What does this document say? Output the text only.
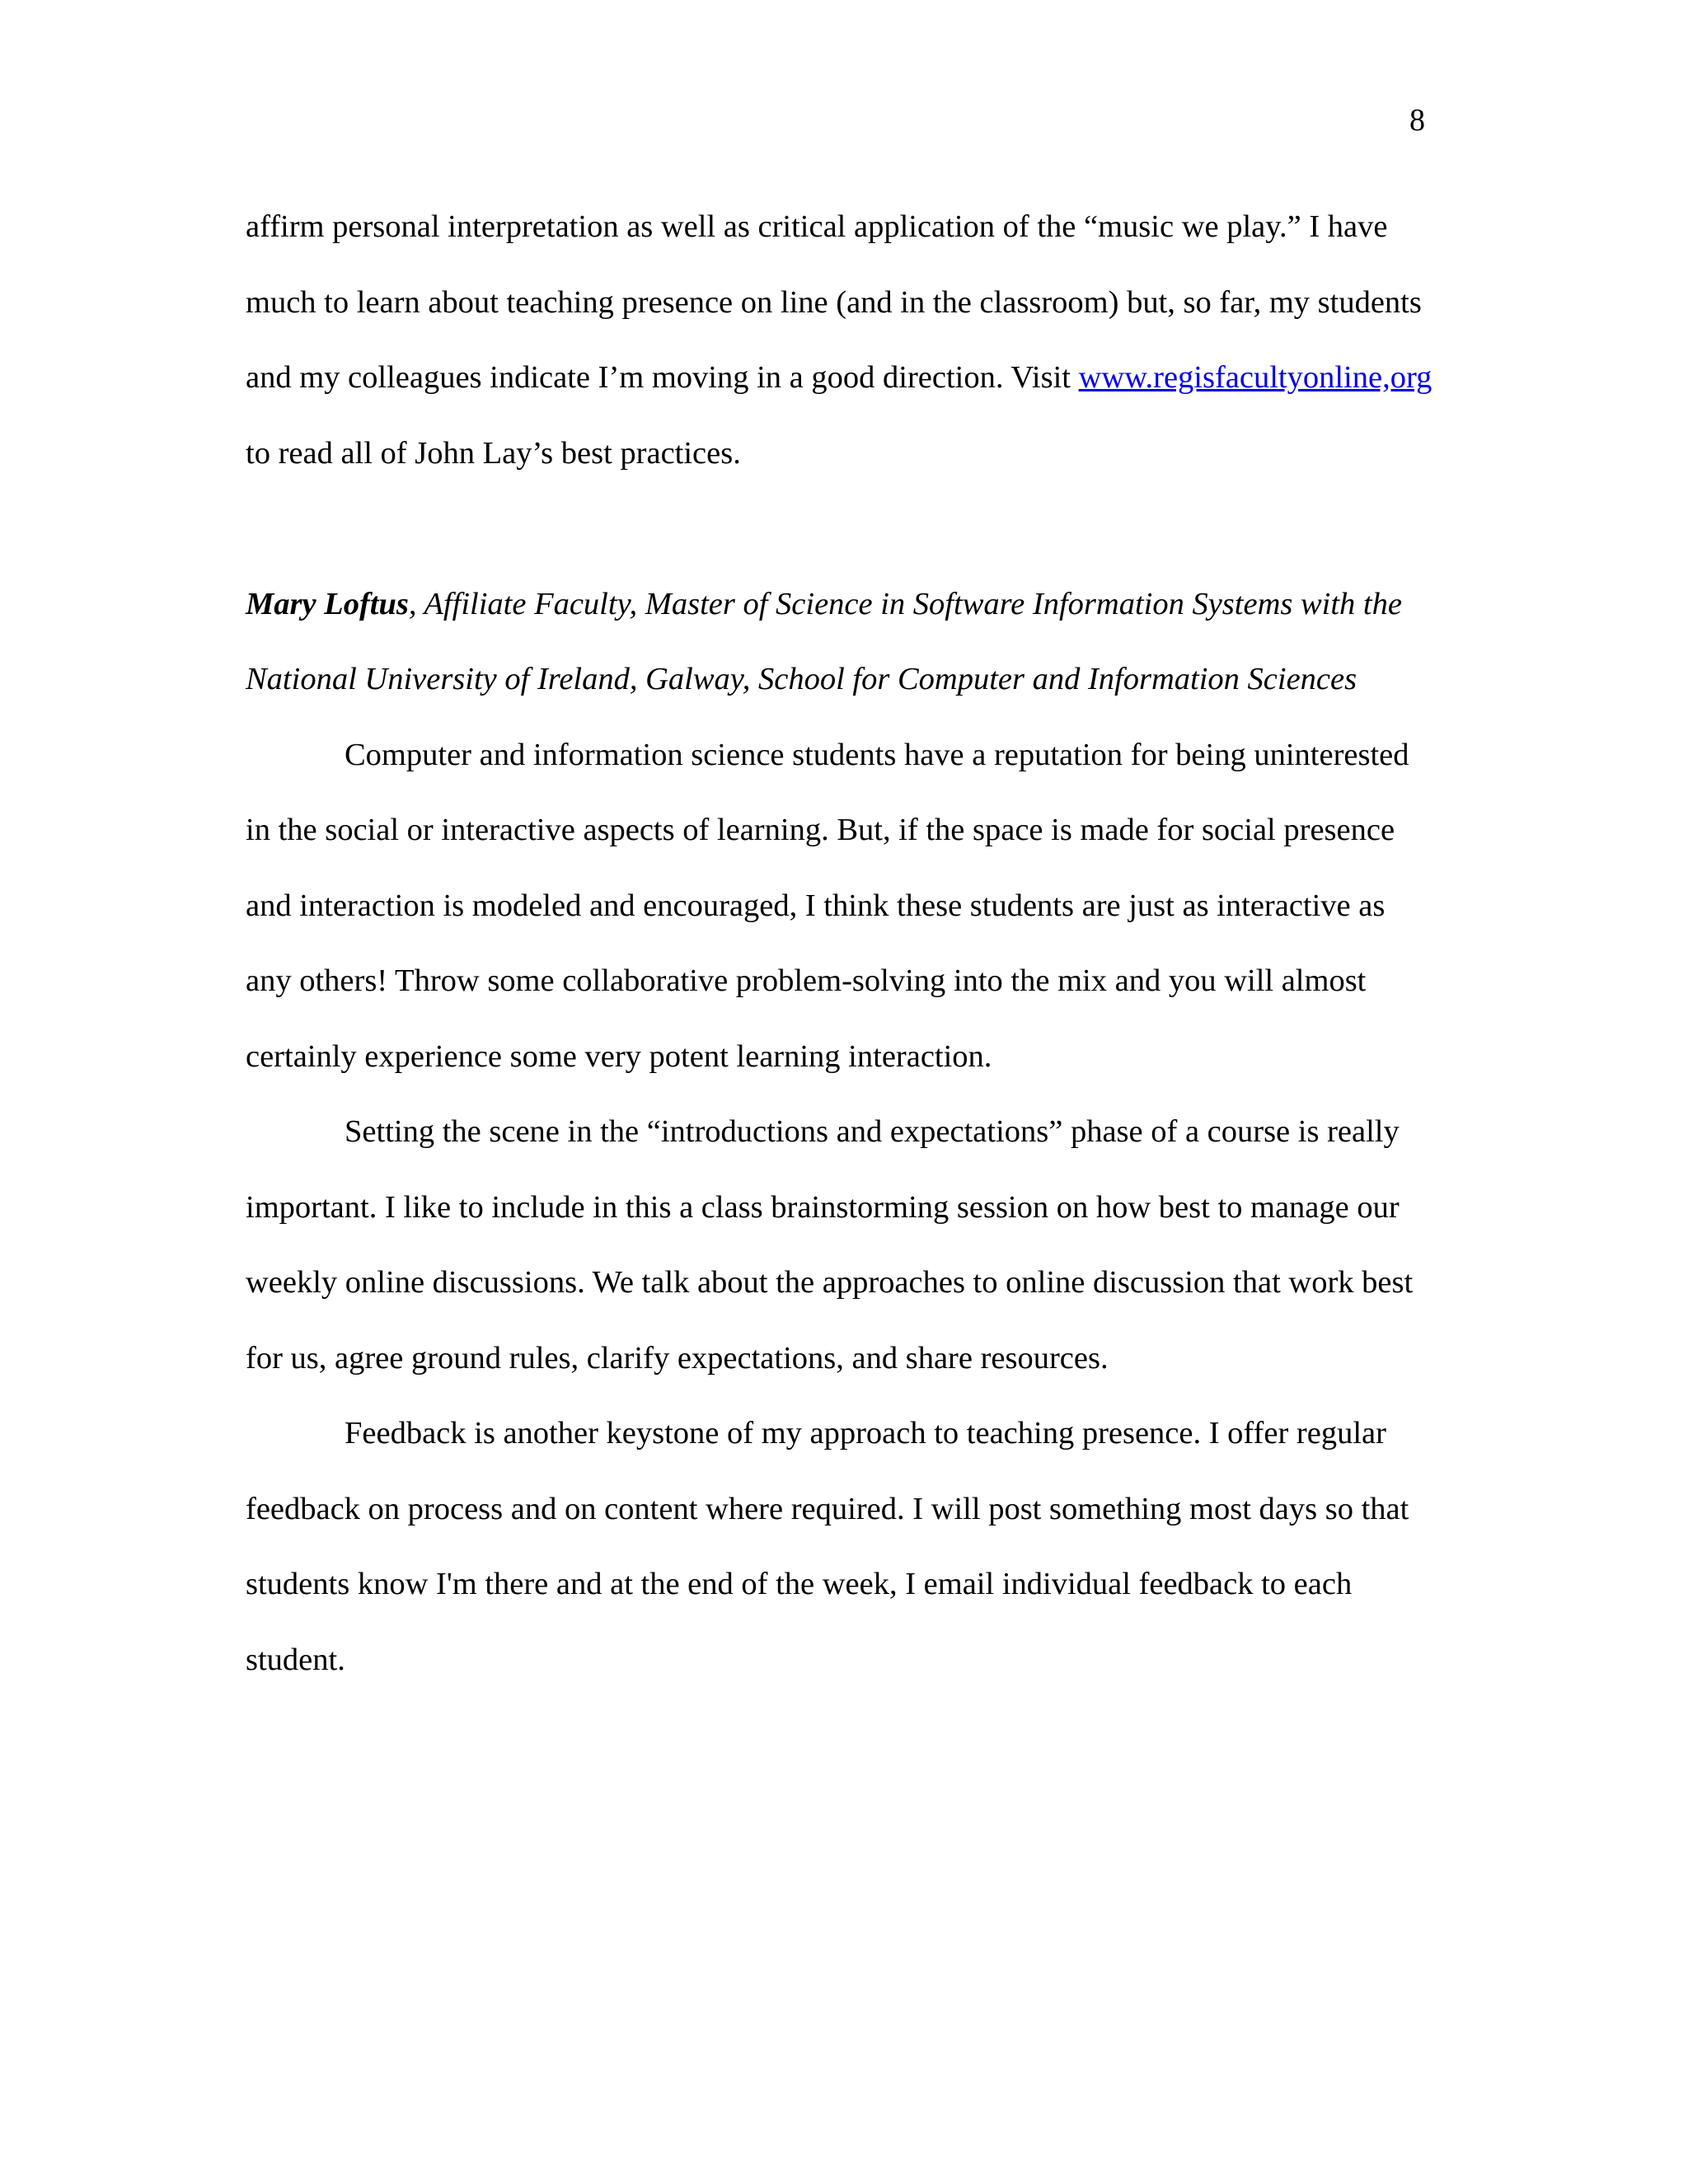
8

affirm personal interpretation as well as critical application of the “music we play.” I have much to learn about teaching presence on line (and in the classroom) but, so far, my students and my colleagues indicate I’m moving in a good direction. Visit www.regisfacultyonline,org to read all of John Lay’s best practices.

Mary Loftus, Affiliate Faculty, Master of Science in Software Information Systems with the National University of Ireland, Galway, School for Computer and Information Sciences

Computer and information science students have a reputation for being uninterested in the social or interactive aspects of learning. But, if the space is made for social presence and interaction is modeled and encouraged, I think these students are just as interactive as any others! Throw some collaborative problem-solving into the mix and you will almost certainly experience some very potent learning interaction.

Setting the scene in the “introductions and expectations” phase of a course is really important. I like to include in this a class brainstorming session on how best to manage our weekly online discussions. We talk about the approaches to online discussion that work best for us, agree ground rules, clarify expectations, and share resources.

Feedback is another keystone of my approach to teaching presence. I offer regular feedback on process and on content where required. I will post something most days so that students know I'm there and at the end of the week, I email individual feedback to each student.
